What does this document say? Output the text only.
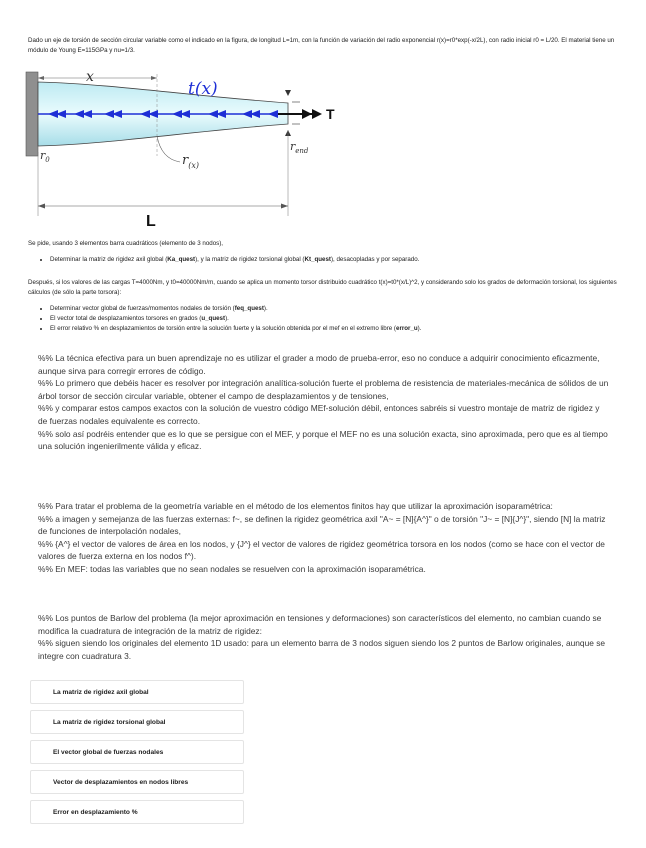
Dado un eje de torsión de sección circular variable como el indicado en la figura, de longitud L=1m, con la función de variación del radio exponencial r(x)=r0*exp(-x/2L), con radio inicial r0 = L/20. El material tiene un módulo de Young E=115GPa y nu=1/3.
x
t(x)
T
$r_{end}$
$r_0$	$r_{(x)}$
L
Se pide, usando 3 elementos barra cuadráticos (elemento de 3 nodos),
• Determinar la matriz de rigidez axil global (Ka_quest), y la matriz de rigidez torsional global (Kt_quest), desacopladas y por separado.
Después, si los valores de las cargas T=4000Nm, y t0=40000Nm/m, cuando se aplica un momento torsor distribuido cuadrático t(x)=t0*(x/L)^2, y considerando solo los grados de deformación torsional, los siguientes cálculos (de sólo la parte torsora):
• Determinar vector global de fuerzas/momentos nodales de torsión (feq_quest).
• El vector total de desplazamientos torsores en grados (u_quest).
• El error relativo % en desplazamientos de torsión entre la solución fuerte y la solución obtenida por el mef en el extremo libre (error_u).
%% La técnica efectiva para un buen aprendizaje no es utilizar el grader a modo de prueba-error, eso no conduce a adquirir conocimiento eficazmente, aunque sirva para corregir errores de código.
%% Lo primero que debéis hacer es resolver por integración analítica-solución fuerte el problema de resistencia de materiales-mecánica de sólidos de un árbol torsor de sección circular variable, obtener el campo de desplazamientos y de tensiones,
%% y comparar estos campos exactos con la solución de vuestro código MEf-solución débil, entonces sabréis si vuestro montaje de matriz de rigidez y de fuerzas nodales equivalente es correcto.
%% solo así podréis entender que es lo que se persigue con el MEF, y porque el MEF no es una solución exacta, sino aproximada, pero que es al tiempo una solución ingenierilmente válida y eficaz.
%% Para tratar el problema de la geometría variable en el método de los elementos finitos hay que utilizar la aproximación isoparamétrica:
%% a imagen y semejanza de las fuerzas externas: f~, se definen la rigidez geométrica axil "A~ = [N]{A^}" o de torsión "J~ = [N]{J^}", siendo [N] la matriz de funciones de interpolación nodales,
%% {A^} el vector de valores de área en los nodos, y {J^} el vector de valores de rigidez geométrica torsora en los nodos (como se hace con el vector de valores de fuerza externa en los nodos f^).
%% En MEF: todas las variables que no sean nodales se resuelven con la aproximación isoparamétrica.
%% Los puntos de Barlow del problema (la mejor aproximación en tensiones y deformaciones) son característicos del elemento, no cambian cuando se modifica la cuadratura de integración de la matriz de rigidez:
%% siguen siendo los originales del elemento 1D usado: para un elemento barra de 3 nodos siguen siendo los 2 puntos de Barlow originales, aunque se integre con cuadratura 3.
La matriz de rigidez axil global
La matriz de rigidez torsional global
El vector global de fuerzas nodales
Vector de desplazamientos en nodos libres
Error en desplazamiento %
